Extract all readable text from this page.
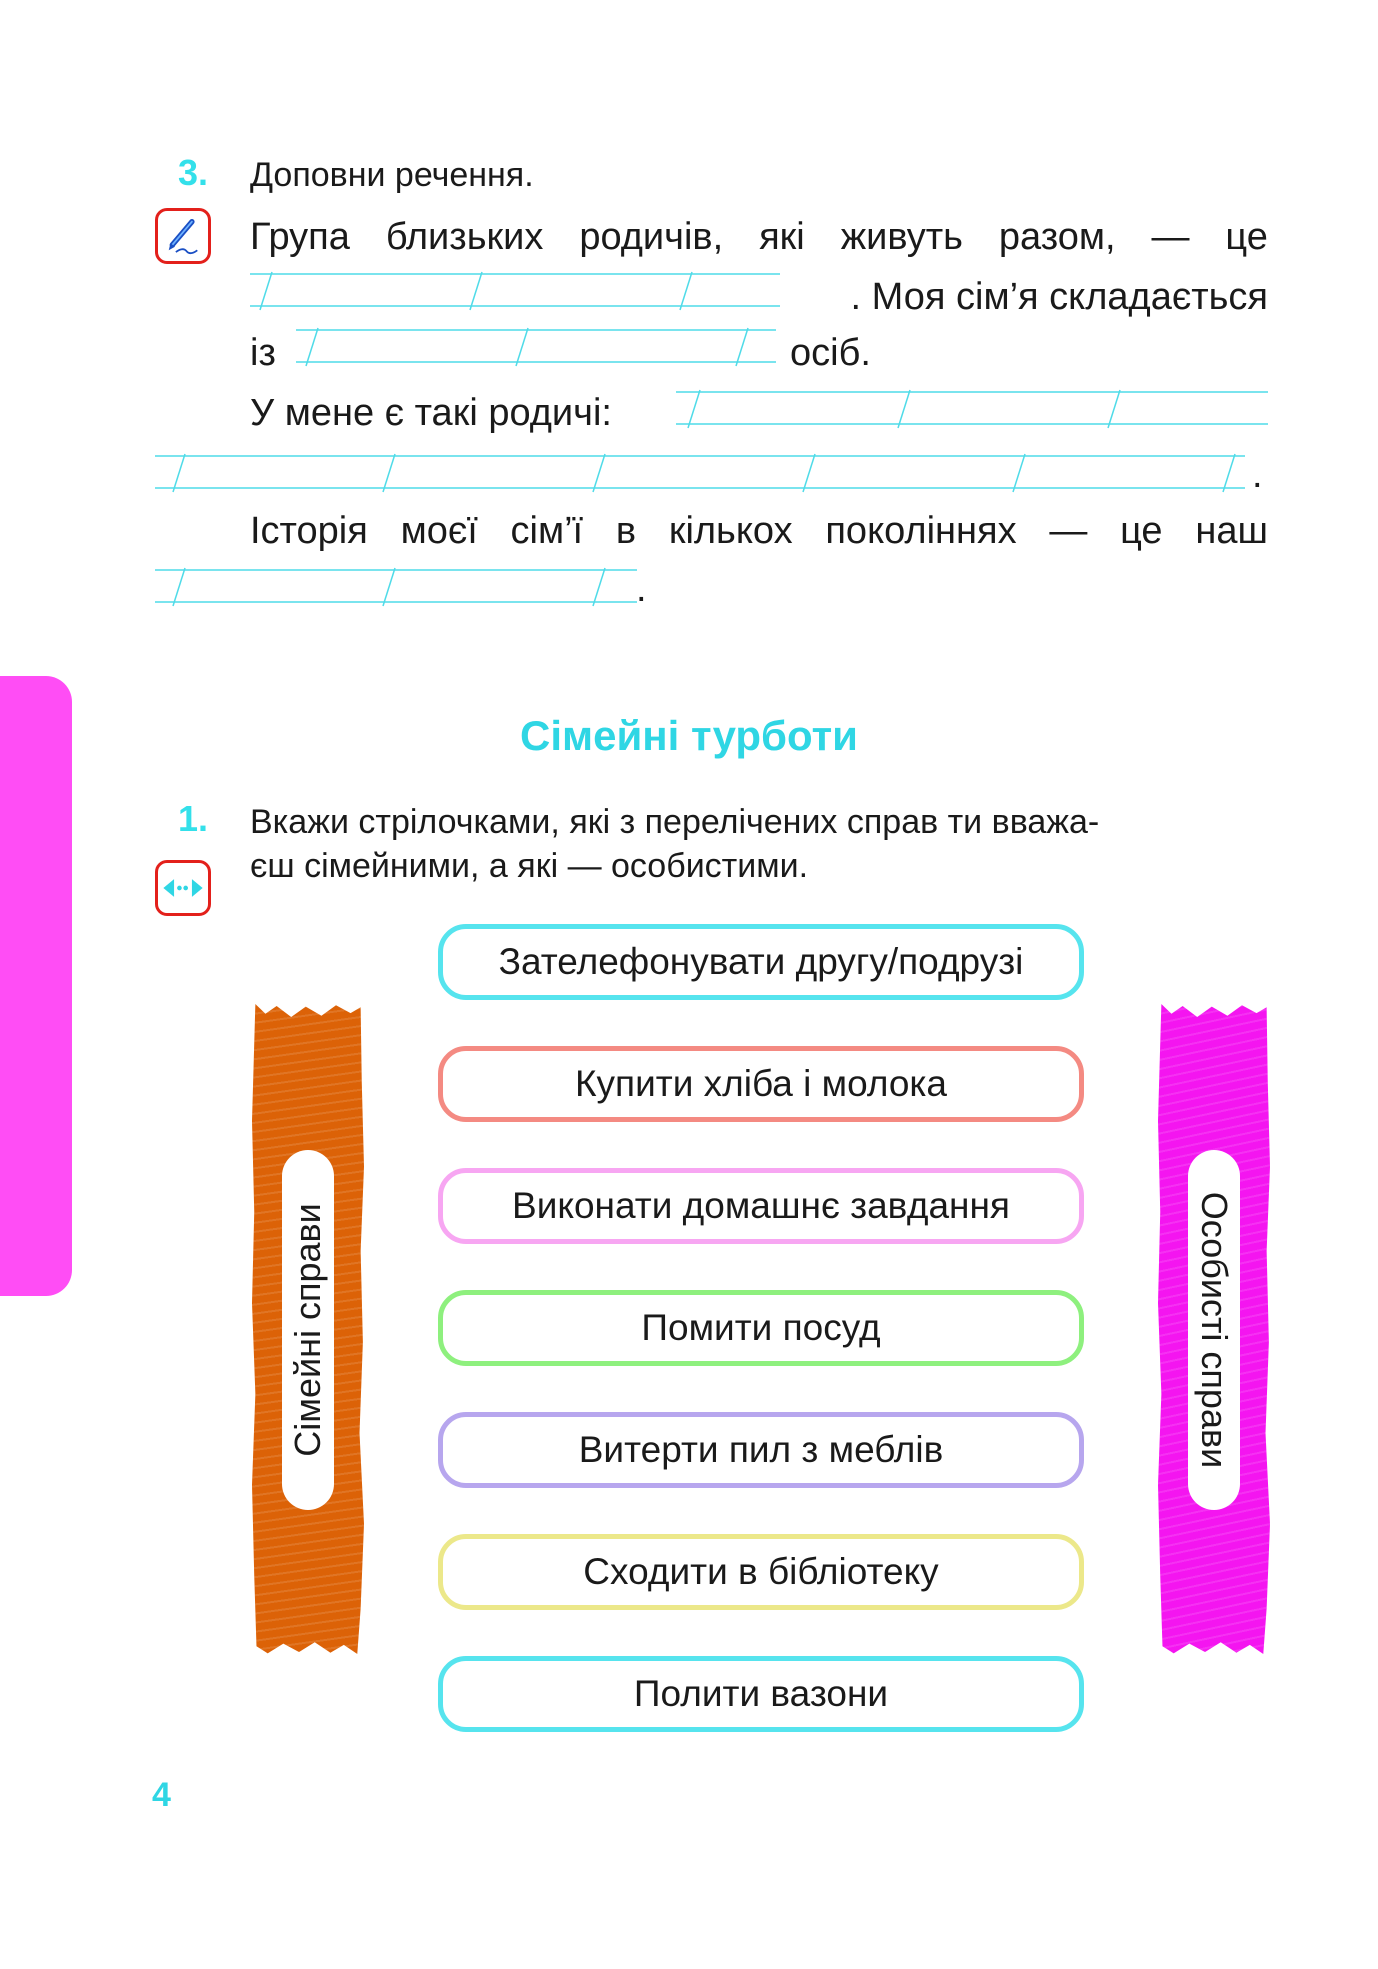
3. Доповни речення.
Група близьких родичів, які живуть разом, — це
. Моя сім’я складається
із	осіб.
У мене є такі родичі:
.
Історія моєї сім’ї в кількох поколіннях — це наш
.
Сімейні турботи
1. Вкажи стрілочками, які з перелічених справ ти вважа-
єш сімейними, а які — особистими.
Сімейні справи	Особисті справи
Зателефонувати другу/подрузі
Купити хліба і молока
Виконати домашнє завдання
Помити посуд
Витерти пил з меблів
Сходити в бібліотеку
Полити вазони
4
